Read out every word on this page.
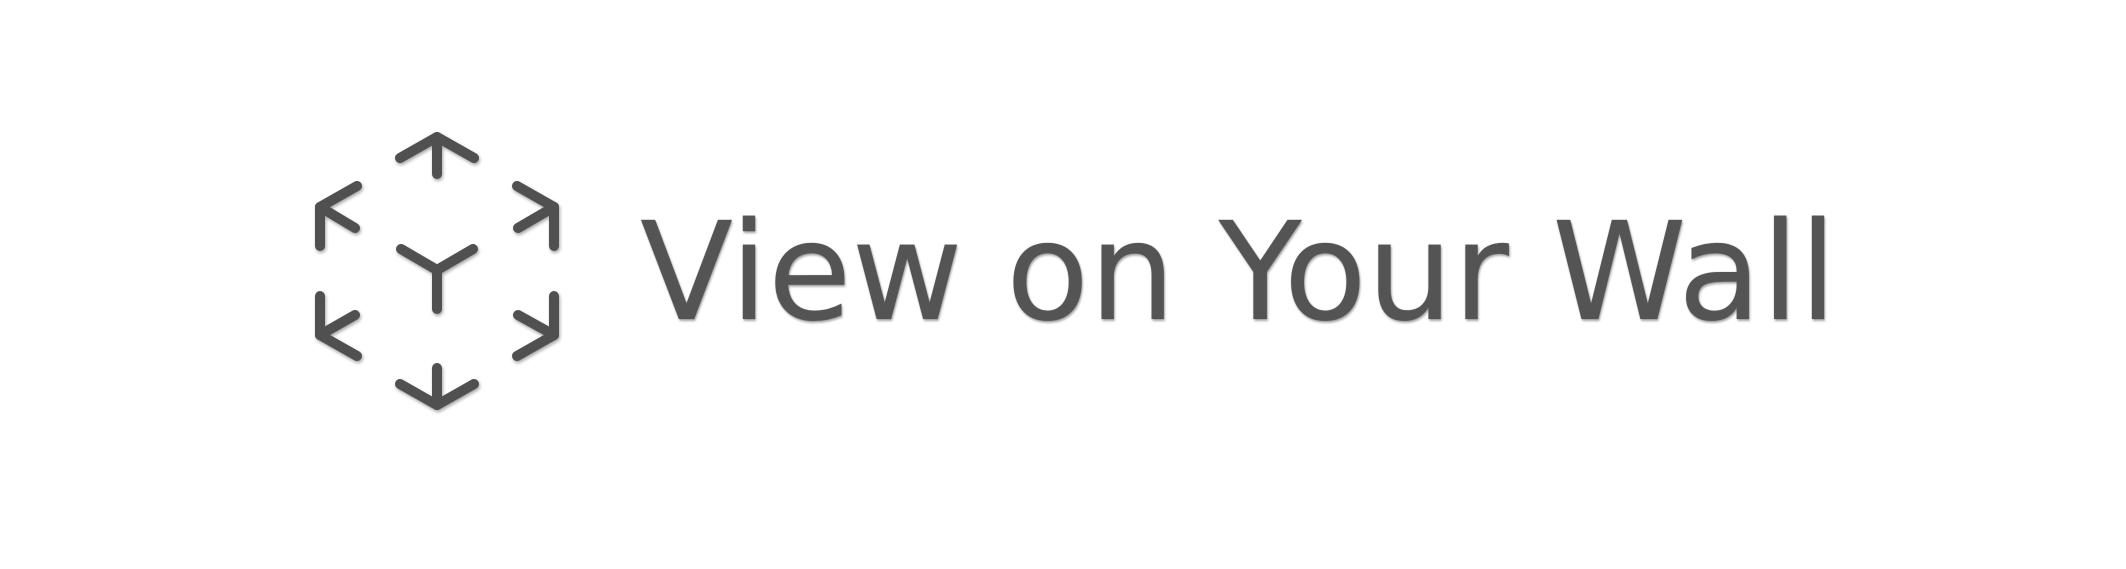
View on Your Wall
